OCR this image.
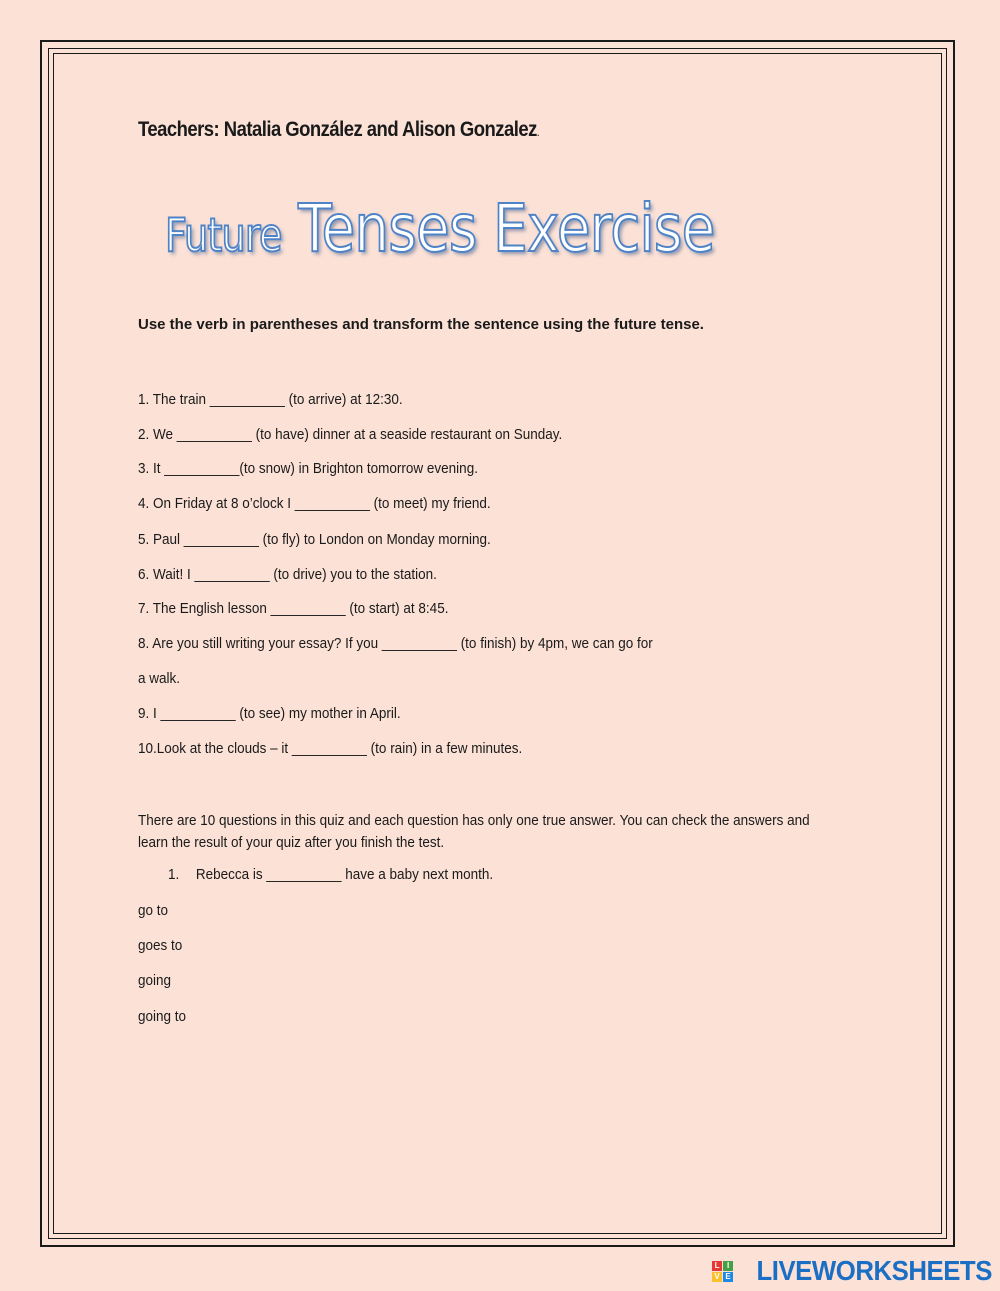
Teachers: Natalia González and Alison Gonzalez.
Future Tenses Exercise
Use the verb in parentheses and transform the sentence using the future tense.
1. The train __________ (to arrive) at 12:30.
2. We __________ (to have) dinner at a seaside restaurant on Sunday.
3. It __________(to snow) in Brighton tomorrow evening.
4. On Friday at 8 o’clock I __________ (to meet) my friend.
5. Paul __________ (to fly) to London on Monday morning.
6. Wait! I __________ (to drive) you to the station.
7. The English lesson __________ (to start) at 8:45.
8. Are you still writing your essay? If you __________ (to finish) by 4pm, we can go for
a walk.
9. I __________ (to see) my mother in April.
10.Look at the clouds – it __________ (to rain) in a few minutes.
There are 10 questions in this quiz and each question has only one true answer. You can check the answers and learn the result of your quiz after you finish the test.
1. Rebecca is __________ have a baby next month.
go to
goes to
going
going to
L I
V E LIVEWORKSHEETS
